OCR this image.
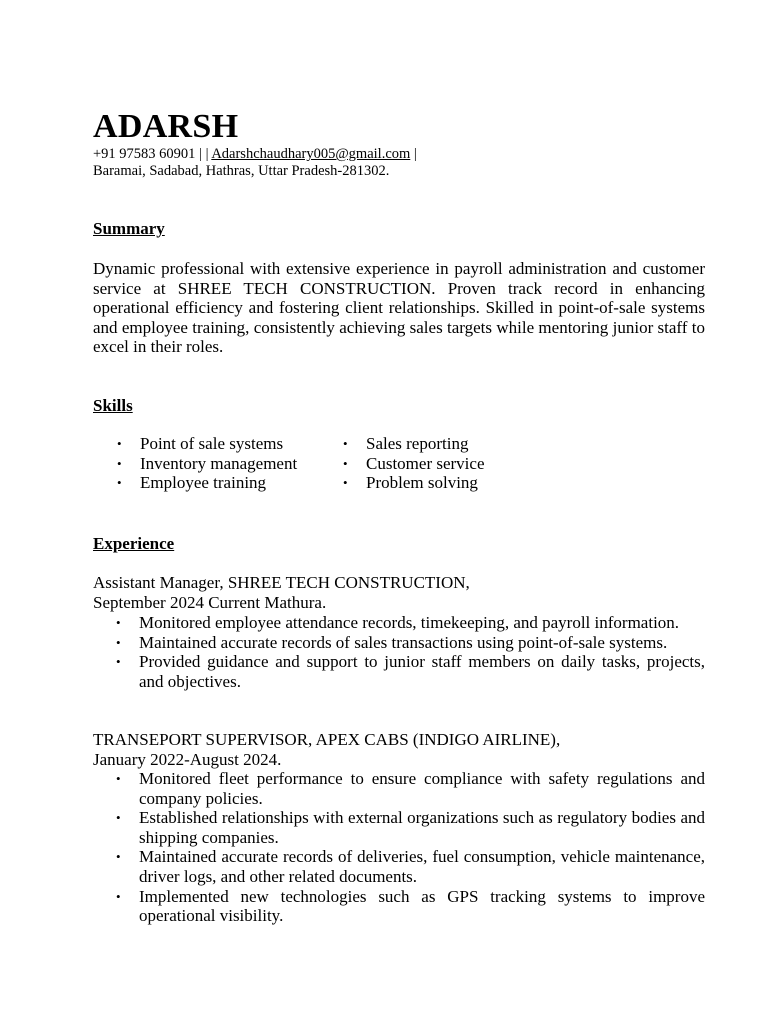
ADARSH
+91 97583 60901 | | Adarshchaudhary005@gmail.com |
Baramai, Sadabad, Hathras, Uttar Pradesh-281302.
Summary

Dynamic professional with extensive experience in payroll administration and customer service at SHREE TECH CONSTRUCTION. Proven track record in enhancing operational efficiency and fostering client relationships. Skilled in point-of-sale systems and employee training, consistently achieving sales targets while mentoring junior staff to excel in their roles.

Skills
• Point of sale systems
• Inventory management
• Employee training
• Sales reporting
• Customer service
• Problem solving
Experience
Assistant Manager, SHREE TECH CONSTRUCTION,
September 2024 Current Mathura.
• Monitored employee attendance records, timekeeping, and payroll information.
• Maintained accurate records of sales transactions using point-of-sale systems.
• Provided guidance and support to junior staff members on daily tasks, projects, and objectives.
TRANSEPORT SUPERVISOR, APEX CABS (INDIGO AIRLINE),
January 2022-August 2024.
• Monitored fleet performance to ensure compliance with safety regulations and company policies.
• Established relationships with external organizations such as regulatory bodies and shipping companies.
• Maintained accurate records of deliveries, fuel consumption, vehicle maintenance, driver logs, and other related documents.
• Implemented new technologies such as GPS tracking systems to improve operational visibility.
